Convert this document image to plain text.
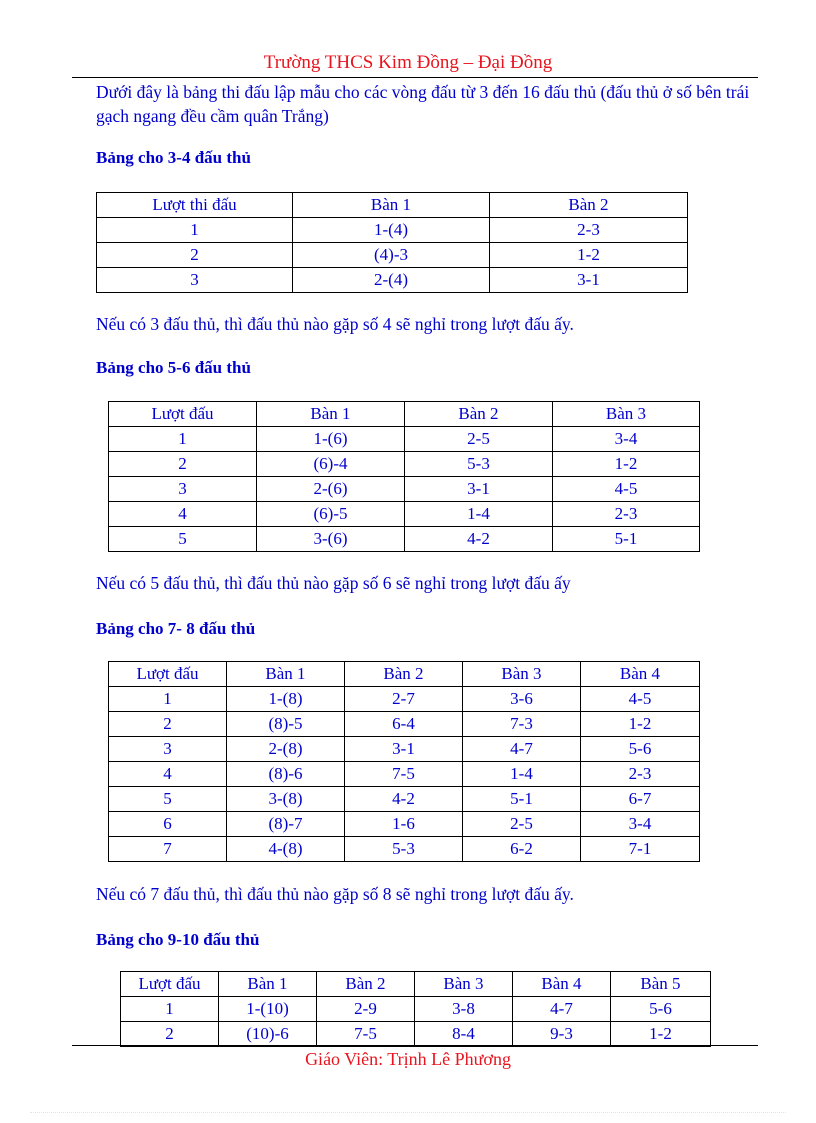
Trường THCS Kim Đồng – Đại Đồng
Dưới đây là bảng thi đấu lập mẫu cho các vòng đấu từ 3 đến 16 đấu thủ (đấu thủ ở số bên trái gạch ngang đều cầm quân Trắng)
Bảng cho 3-4 đấu thủ
Lượt thi đấu	Bàn 1	Bàn 2
1	1-(4)	2-3
2	(4)-3	1-2
3	2-(4)	3-1
Nếu có 3 đấu thủ, thì đấu thủ nào gặp số 4 sẽ nghỉ trong lượt đấu ấy.
Bảng cho 5-6 đấu thủ
Lượt đấu	Bàn 1	Bàn 2	Bàn 3
1	1-(6)	2-5	3-4
2	(6)-4	5-3	1-2
3	2-(6)	3-1	4-5
4	(6)-5	1-4	2-3
5	3-(6)	4-2	5-1
Nếu có 5 đấu thủ, thì đấu thủ nào gặp số 6 sẽ nghỉ trong lượt đấu ấy
Bảng cho 7- 8 đấu thủ
Lượt đấu	Bàn 1	Bàn 2	Bàn 3	Bàn 4
1	1-(8)	2-7	3-6	4-5
2	(8)-5	6-4	7-3	1-2
3	2-(8)	3-1	4-7	5-6
4	(8)-6	7-5	1-4	2-3
5	3-(8)	4-2	5-1	6-7
6	(8)-7	1-6	2-5	3-4
7	4-(8)	5-3	6-2	7-1
Nếu có 7 đấu thủ, thì đấu thủ nào gặp số 8 sẽ nghỉ trong lượt đấu ấy.
Bảng cho 9-10 đấu thủ
Lượt đấu	Bàn 1	Bàn 2	Bàn 3	Bàn 4	Bàn 5
1	1-(10)	2-9	3-8	4-7	5-6
2	(10)-6	7-5	8-4	9-3	1-2
Giáo Viên: Trịnh Lê Phương
